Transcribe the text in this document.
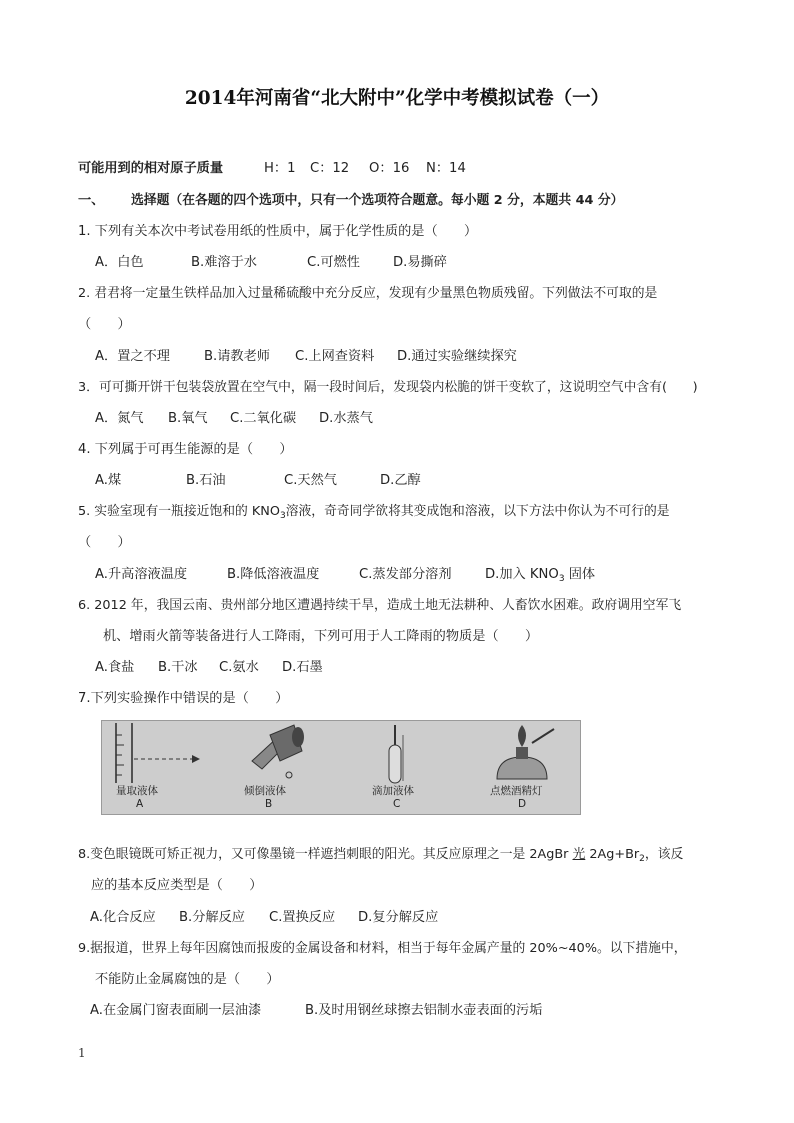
2014年河南省“北大附中”化学中考模拟试卷（一）
可能用到的相对原子质量	H：1 C：12 O：16 N：14
一、 选择题（在各题的四个选项中，只有一个选项符合题意。每小题 2 分，本题共 44 分）
1. 下列有关本次中考试卷用纸的性质中，属于化学性质的是（　　）
A．白色	B.难溶于水	C.可燃性	D.易撕碎
2. 君君将一定量生铁样品加入过量稀硫酸中充分反应，发现有少量黑色物质残留。下列做法不可取的是
（　　）
A．置之不理	B.请教老师 C.上网查资料 D.通过实验继续探究
3．可可撕开饼干包装袋放置在空气中，隔一段时间后，发现袋内松脆的饼干变软了，这说明空气中含有(　　)
A．氮气 B.氧气 C.二氧化碳 D.水蒸气
4. 下列属于可再生能源的是（　　）
A.煤	B.石油	C.天然气	D.乙醇
5. 实验室现有一瓶接近饱和的 $KNO_3$溶液，奇奇同学欲将其变成饱和溶液，以下方法中你认为不可行的是
（　　）
A.升高溶液温度	B.降低溶液温度	C.蒸发部分溶剂	D.加入 $KNO_3$ 固体
6. 2012 年，我国云南、贵州部分地区遭遇持续干旱，造成土地无法耕种、人畜饮水困难。政府调用空军飞
机、增雨火箭等装备进行人工降雨，下列可用于人工降雨的物质是（　　）
A.食盐 B.干冰 C.氨水 D.石墨
7.下列实验操作中错误的是（　　）
量取液体
A
倾倒液体
B
滴加液体
C
点燃酒精灯
D
8.变色眼镜既可矫正视力，又可像墨镜一样遮挡刺眼的阳光。其反应原理之一是 2AgBr 光 $2Ag+Br_2$，该反
应的基本反应类型是（　　）
A.化合反应 B.分解反应 C.置换反应 D.复分解反应
9.据报道，世界上每年因腐蚀而报废的金属设备和材料，相当于每年金属产量的 20%~40%。以下措施中，
不能防止金属腐蚀的是（　　）
A.在金属门窗表面刷一层油漆	B.及时用钢丝球擦去铝制水壶表面的污垢
1
